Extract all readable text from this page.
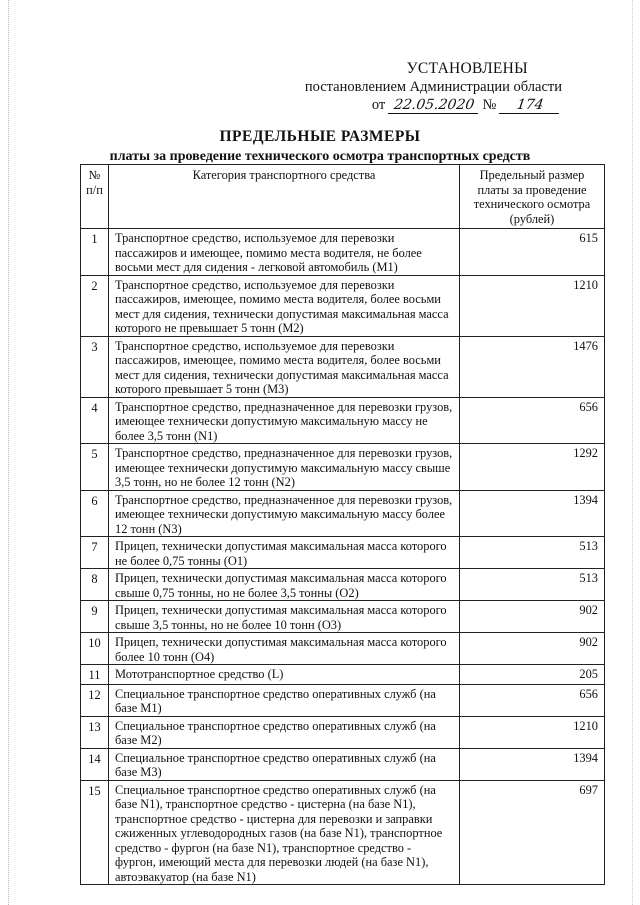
УСТАНОВЛЕНЫ
постановлением Администрации области
от 22.05.2020 № 174
ПРЕДЕЛЬНЫЕ РАЗМЕРЫ
платы за проведение технического осмотра транспортных средств
№ п/п	Категория транспортного средства	Предельный размер платы за проведение технического осмотра (рублей)
1	Транспортное средство, используемое для перевозки пассажиров и имеющее, помимо места водителя, не более восьми мест для сидения - легковой автомобиль (М1)	615
2	Транспортное средство, используемое для перевозки пассажиров, имеющее, помимо места водителя, более восьми мест для сидения, технически допустимая максимальная масса которого не превышает 5 тонн (М2)	1210
3	Транспортное средство, используемое для перевозки пассажиров, имеющее, помимо места водителя, более восьми мест для сидения, технически допустимая максимальная масса которого превышает 5 тонн (М3)	1476
4	Транспортное средство, предназначенное для перевозки грузов, имеющее технически допустимую максимальную массу не более 3,5 тонн (N1)	656
5	Транспортное средство, предназначенное для перевозки грузов, имеющее технически допустимую максимальную массу свыше 3,5 тонн, но не более 12 тонн (N2)	1292
6	Транспортное средство, предназначенное для перевозки грузов, имеющее технически допустимую максимальную массу более 12 тонн (N3)	1394
7	Прицеп, технически допустимая максимальная масса которого не более 0,75 тонны (О1)	513
8	Прицеп, технически допустимая максимальная масса которого свыше 0,75 тонны, но не более 3,5 тонны (О2)	513
9	Прицеп, технически допустимая максимальная масса которого свыше 3,5 тонны, но не более 10 тонн (О3)	902
10	Прицеп, технически допустимая максимальная масса которого более 10 тонн (О4)	902
11	Мототранспортное средство (L)	205
12	Специальное транспортное средство оперативных служб (на базе М1)	656
13	Специальное транспортное средство оперативных служб (на базе М2)	1210
14	Специальное транспортное средство оперативных служб (на базе М3)	1394
15	Специальное транспортное средство оперативных служб (на базе N1), транспортное средство - цистерна (на базе N1), транспортное средство - цистерна для перевозки и заправки сжиженных углеводородных газов (на базе N1), транспортное средство - фургон (на базе N1), транспортное средство - фургон, имеющий места для перевозки людей (на базе N1), автоэвакуатор (на базе N1)	697
